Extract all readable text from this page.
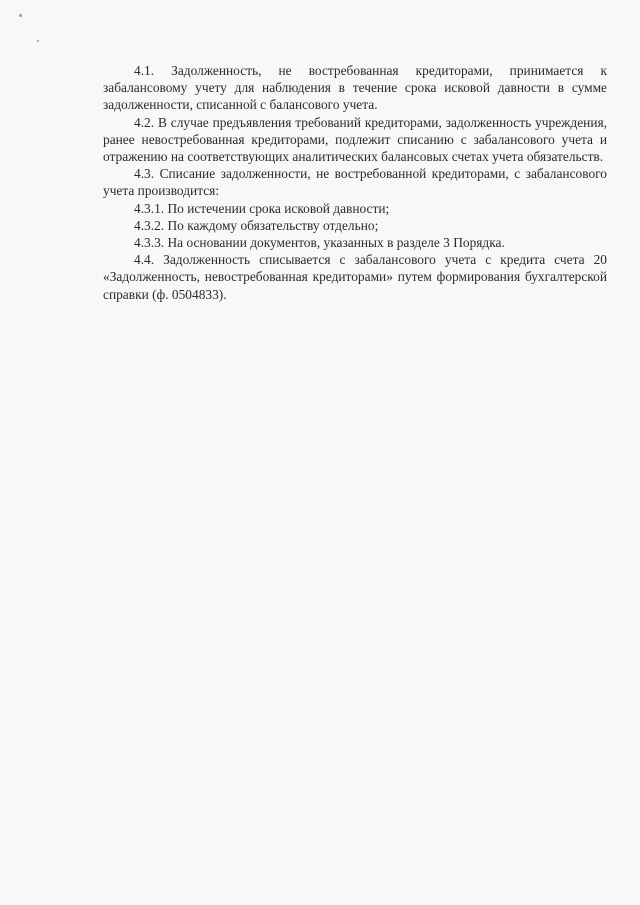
4.1. Задолженность, не востребованная кредиторами, принимается к забалансовому учету для наблюдения в течение срока исковой давности в сумме задолженности, списанной с балансового учета.

4.2. В случае предъявления требований кредиторами, задолженность учреждения, ранее невостребованная кредиторами, подлежит списанию с забалансового учета и отражению на соответствующих аналитических балансовых счетах учета обязательств.

4.3. Списание задолженности, не востребованной кредиторами, с забалансового учета производится:

4.3.1. По истечении срока исковой давности;

4.3.2. По каждому обязательству отдельно;

4.3.3. На основании документов, указанных в разделе 3 Порядка.

4.4. Задолженность списывается с забалансового учета с кредита счета 20 «Задолженность, невостребованная кредиторами» путем формирования бухгалтерской справки (ф. 0504833).
